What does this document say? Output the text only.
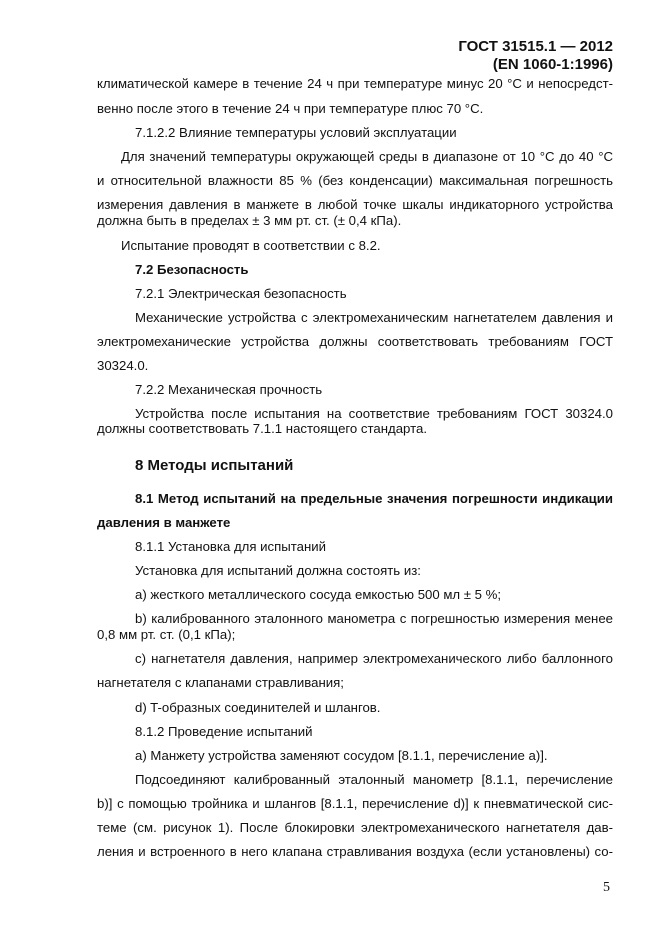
ГОСТ 31515.1 — 2012
(EN 1060-1:1996)
климатической камере в течение 24 ч при температуре минус 20 °С и непосредст-
венно после этого в течение 24 ч при температуре плюс 70 °С.
7.1.2.2 Влияние температуры условий эксплуатации
Для значений температуры окружающей среды в диапазоне от 10 °С до 40 °С
и относительной влажности 85 % (без конденсации) максимальная погрешность
измерения давления в манжете в любой точке шкалы индикаторного устройства
должна быть в пределах ± 3 мм рт. ст. (± 0,4 кПа).
Испытание проводят в соответствии с 8.2.
7.2 Безопасность
7.2.1 Электрическая безопасность
Механические устройства с электромеханическим нагнетателем давления и
электромеханические устройства должны соответствовать требованиям ГОСТ
30324.0.
7.2.2 Механическая прочность
Устройства после испытания на соответствие требованиям ГОСТ 30324.0
должны соответствовать 7.1.1 настоящего стандарта.
8 Методы испытаний
8.1 Метод испытаний на предельные значения погрешности индикации
давления в манжете
8.1.1 Установка для испытаний
Установка для испытаний должна состоять из:
a) жесткого металлического сосуда емкостью 500 мл ± 5 %;
b) калиброванного эталонного манометра с погрешностью измерения менее
0,8 мм рт. ст. (0,1 кПа);
c) нагнетателя давления, например электромеханического либо баллонного
нагнетателя с клапанами стравливания;
d) T-образных соединителей и шлангов.
8.1.2 Проведение испытаний
a) Манжету устройства заменяют сосудом [8.1.1, перечисление a)].
Подсоединяют калиброванный эталонный манометр [8.1.1, перечисление
b)] с помощью тройника и шлангов [8.1.1, перечисление d)] к пневматической сис-
теме (см. рисунок 1). После блокировки электромеханического нагнетателя дав-
ления и встроенного в него клапана стравливания воздуха (если установлены) со-
5
